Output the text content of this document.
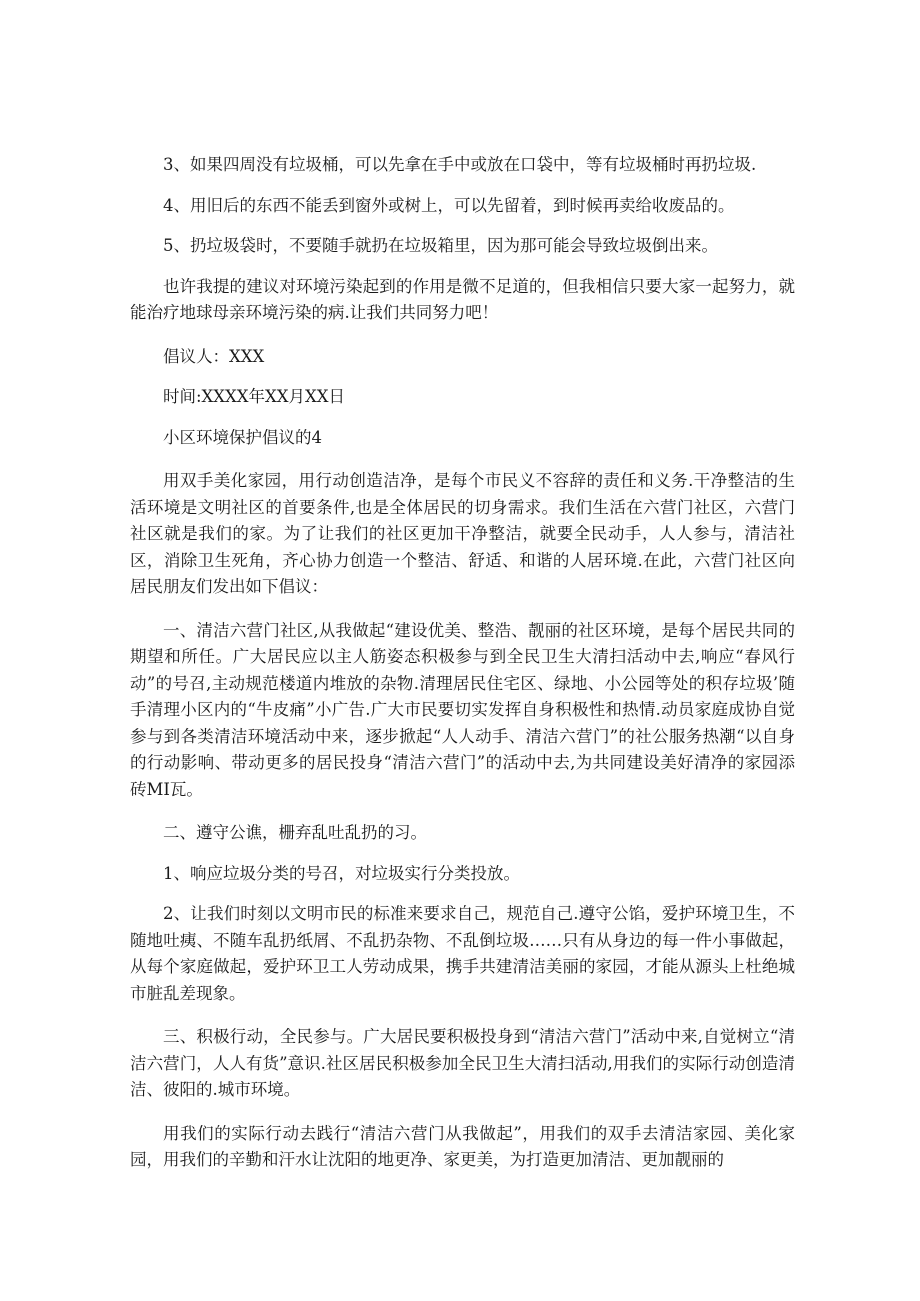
3、如果四周没有垃圾桶，可以先拿在手中或放在口袋中，等有垃圾桶时再扔垃圾.

4、用旧后的东西不能丢到窗外或树上，可以先留着，到时候再卖给收废品的。

5、扔垃圾袋时，不要随手就扔在垃圾箱里，因为那可能会导致垃圾倒出来。

也许我提的建议对环境污染起到的作用是微不足道的，但我相信只要大家一起努力，就能治疗地球母亲环境污染的病.让我们共同努力吧！

倡议人：XXX

时间:XXXX年XX月XX日

小区环境保护倡议的4

用双手美化家园，用行动创造洁净，是每个市民义不容辞的责任和义务.干净整洁的生活环境是文明社区的首要条件,也是全体居民的切身需求。我们生活在六营门社区，六营门社区就是我们的家。为了让我们的社区更加干净整洁，就要全民动手，人人参与，清洁社区，消除卫生死角，齐心协力创造一个整洁、舒适、和谐的人居环境.在此，六营门社区向居民朋友们发出如下倡议：

一、清洁六营门社区,从我做起“建设优美、整浩、靓丽的社区环境，是每个居民共同的期望和所任。广大居民应以主人筋姿态积极参与到全民卫生大清扫活动中去,响应“春风行动”的号召,主动规范楼道内堆放的杂物.清理居民住宅区、绿地、小公园等处的积存垃圾’随手清理小区内的“牛皮痛”小广告.广大市民要切实发挥自身积极性和热情.动员家庭成协自觉参与到各类清洁环境活动中来，逐步掀起“人人动手、清洁六营门”的社公服务热潮“以自身的行动影响、带动更多的居民投身“清洁六营门”的活动中去,为共同建设美好清净的家园添砖MI瓦。

二、遵守公谯，栅弃乱吐乱扔的习。

1、响应垃圾分类的号召，对垃圾实行分类投放。

2、让我们时刻以文明市民的标准来要求自己，规范自己.遵守公馅，爱护环境卫生，不随地吐痍、不随车乱扔纸屑、不乱扔杂物、不乱倒垃圾……只有从身边的每一件小事做起，从每个家庭做起，爱护环卫工人劳动成果，携手共建清洁美丽的家园，才能从源头上杜绝城市脏乱差现象。

三、积极行动，全民参与。广大居民要积极投身到“清洁六营门”活动中来,自觉树立“清洁六营门，人人有货”意识.社区居民积极参加全民卫生大清扫活动,用我们的实际行动创造清洁、彼阳的.城市环境。

用我们的实际行动去践行“清洁六营门从我做起”，用我们的双手去清洁家园、美化家园，用我们的辛勤和汗水让沈阳的地更净、家更美，为打造更加清洁、更加靓丽的
